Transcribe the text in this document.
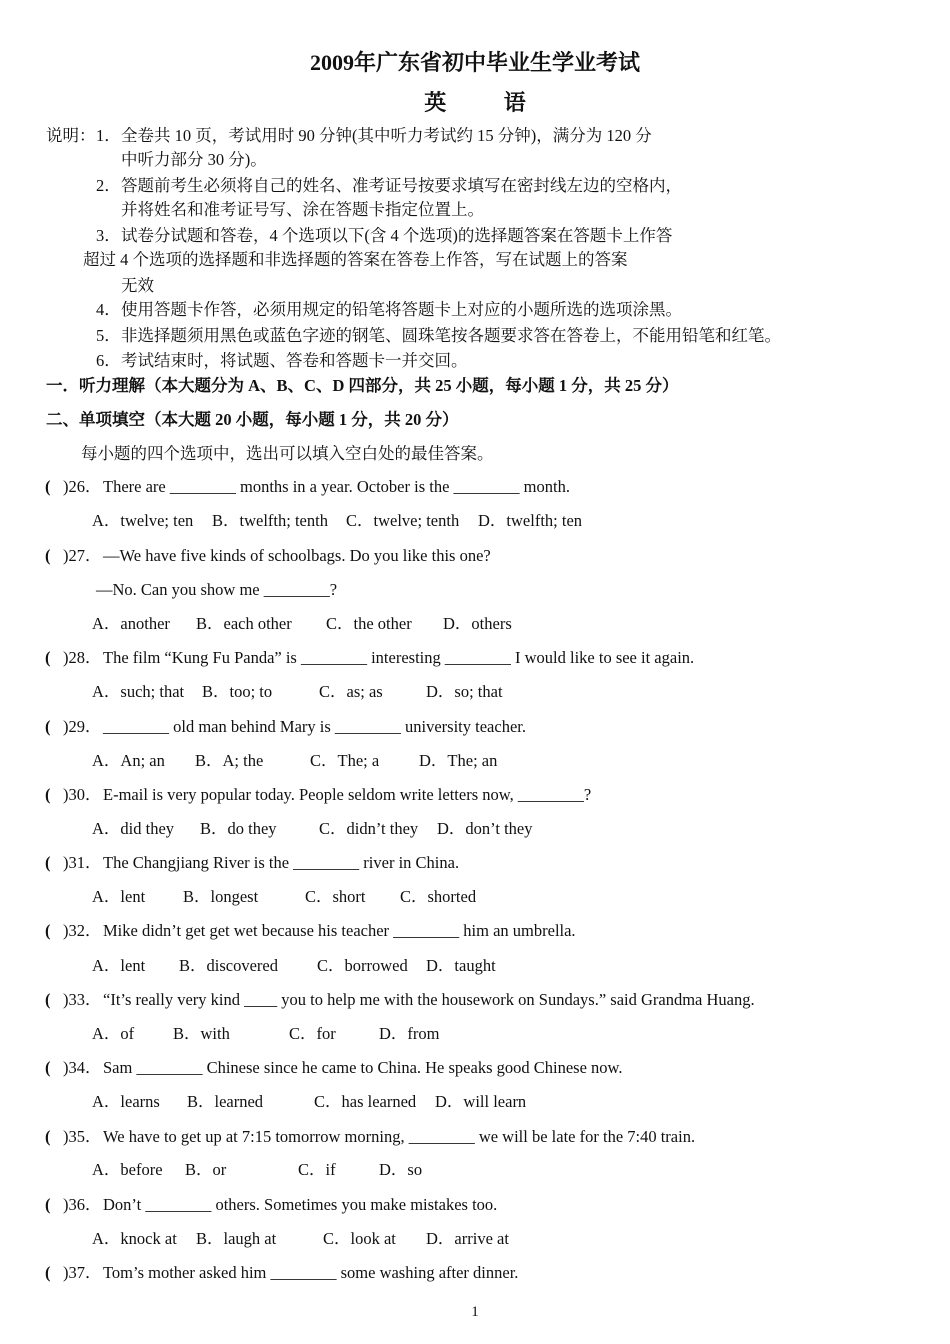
2009年广东省初中毕业生学业考试
英 语
说明： 1． 全卷共 10 页，考试用时 90 分钟(其中听力考试约 15 分钟)，满分为 120 分
中听力部分 30 分)。
2． 答题前考生必须将自己的姓名、准考证号按要求填写在密封线左边的空格内，
并将姓名和准考证号写、涂在答题卡指定位置上。
3． 试卷分试题和答卷，4 个选项以下(含 4 个选项)的选择题答案在答题卡上作答
超过 4 个选项的选择题和非选择题的答案在答卷上作答，写在试题上的答案
无效
4． 使用答题卡作答，必须用规定的铅笔将答题卡上对应的小题所选的选项涂黑。
5． 非选择题须用黑色或蓝色字迹的钢笔、圆珠笔按各题要求答在答卷上，不能用铅笔和红笔。
6． 考试结束时，将试题、答卷和答题卡一并交回。
一．听力理解（本大题分为 A、B、C、D 四部分，共 25 小题，每小题 1 分，共 25 分）
二、单项填空（本大题 20 小题，每小题 1 分，共 20 分）
每小题的四个选项中，选出可以填入空白处的最佳答案。
( )26． There are ________ months in a year. October is the ________ month.
A．twelve; ten B．twelfth; tenth C．twelve; tenth D．twelfth; ten
( )27． —We have five kinds of schoolbags. Do you like this one?
—No. Can you show me ________?
A．another B．each other C．the other D．others
( )28． The film “Kung Fu Panda” is ________ interesting ________ I would like to see it again.
A．such; that B．too; to	C．as; as	D．so; that
( )29． ________ old man behind Mary is ________ university teacher.
A．An; an B．A; the	C．The; a D．The; an
( )30． E-mail is very popular today. People seldom write letters now, ________?
A．did they B．do they	C．didn’t they D．don’t they
( )31． The Changjiang River is the ________ river in China.
A．lent B．longest	C．short C．shorted
( )32． Mike didn’t get get wet because his teacher ________ him an umbrella.
A．lent B．discovered C．borrowed D．taught
( )33． “It’s really very kind ____ you to help me with the housework on Sundays.” said Grandma Huang.
A．of B．with	C．for	D．from
( )34． Sam ________ Chinese since he came to China. He speaks good Chinese now.
A．learns B．learned	C．has learned D．will learn
( )35． We have to get up at 7:15 tomorrow morning, ________ we will be late for the 7:40 train.
A．before B．or	C．if	D．so
( )36． Don’t ________ others. Sometimes you make mistakes too.
A．knock at B．laugh at	C．look at D．arrive at
( )37． Tom’s mother asked him ________ some washing after dinner.
1
